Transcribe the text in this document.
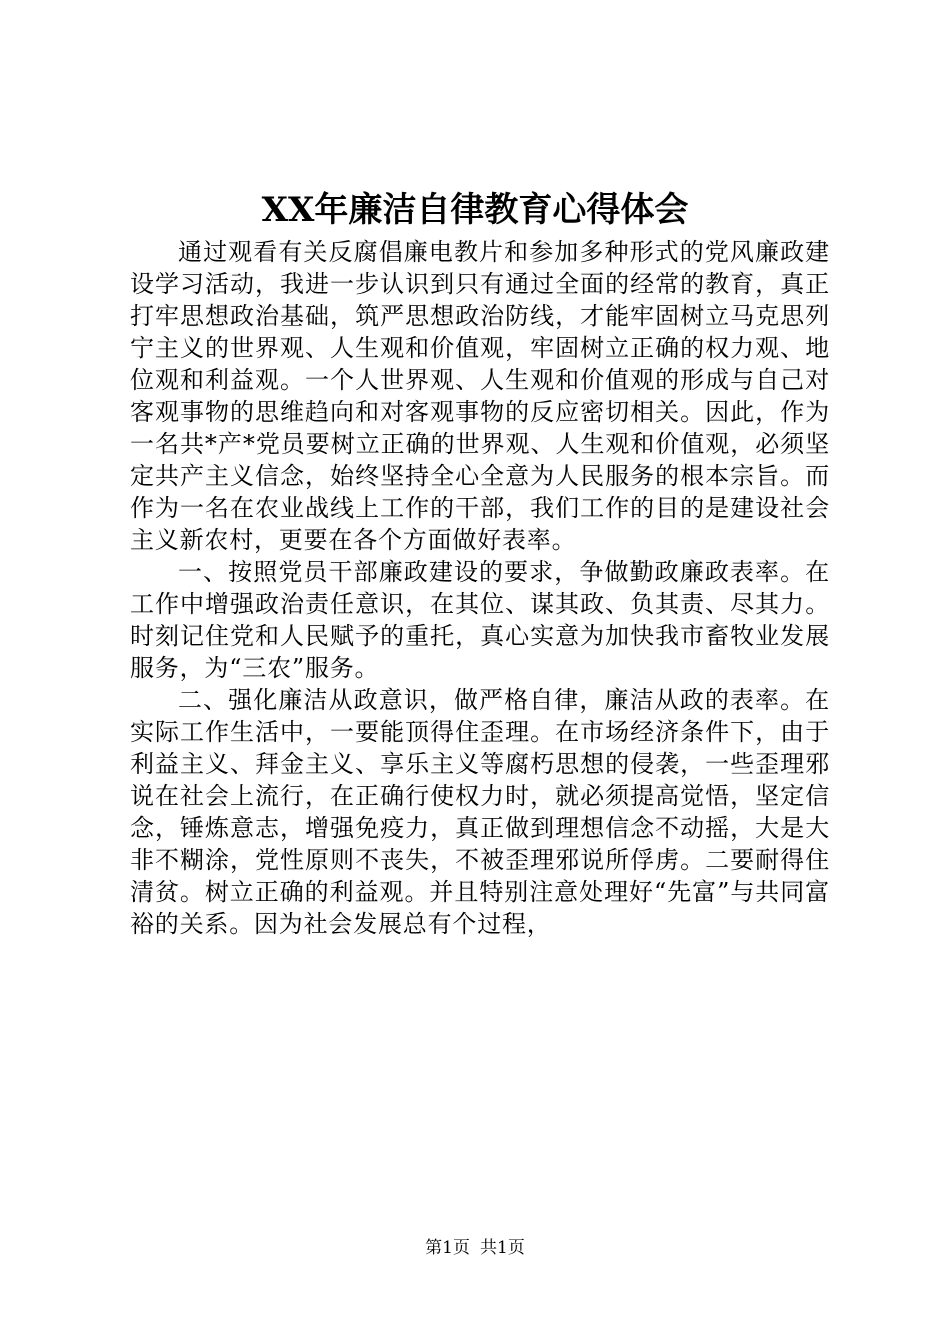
XX年廉洁自律教育心得体会

通过观看有关反腐倡廉电教片和参加多种形式的党风廉政建设学习活动，我进一步认识到只有通过全面的经常的教育，真正打牢思想政治基础，筑严思想政治防线，才能牢固树立马克思列宁主义的世界观、人生观和价值观，牢固树立正确的权力观、地位观和利益观。一个人世界观、人生观和价值观的形成与自己对客观事物的思维趋向和对客观事物的反应密切相关。因此，作为一名共*产*党员要树立正确的世界观、人生观和价值观，必须坚定共产主义信念，始终坚持全心全意为人民服务的根本宗旨。而作为一名在农业战线上工作的干部，我们工作的目的是建设社会主义新农村，更要在各个方面做好表率。

一、按照党员干部廉政建设的要求，争做勤政廉政表率。在工作中增强政治责任意识，在其位、谋其政、负其责、尽其力。时刻记住党和人民赋予的重托，真心实意为加快我市畜牧业发展服务，为“三农”服务。

二、强化廉洁从政意识，做严格自律，廉洁从政的表率。在实际工作生活中，一要能顶得住歪理。在市场经济条件下，由于利益主义、拜金主义、享乐主义等腐朽思想的侵袭，一些歪理邪说在社会上流行，在正确行使权力时，就必须提高觉悟，坚定信念，锤炼意志，增强免疫力，真正做到理想信念不动摇，大是大非不糊涂，党性原则不丧失，不被歪理邪说所俘虏。二要耐得住清贫。树立正确的利益观。并且特别注意处理好“先富”与共同富裕的关系。因为社会发展总有个过程，

第1页 共1页
